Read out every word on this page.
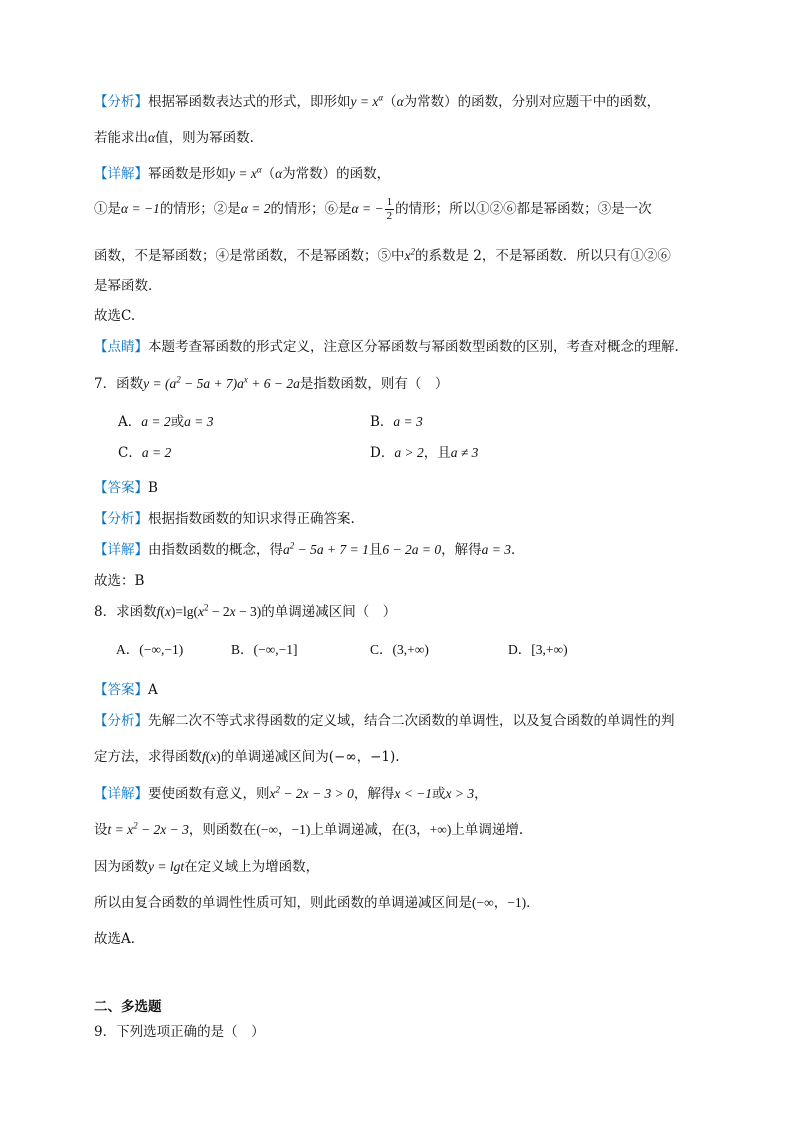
【分析】根据幂函数表达式的形式，即形如$y = x^\alpha(\alpha$为常数）的函数，分别对应题干中的函数，
若能求出α值，则为幂函数.
【详解】幂函数是形如$y = x^\alpha(\alpha$为常数）的函数，
①是α = −1的情形；②是α = 2的情形；⑥是α = − $\frac{1}{2}$ 的情形；所以①②⑥都是幂函数；③是一次
函数，不是幂函数；④是常函数，不是幂函数；⑤中$x^2$的系数是 2，不是幂函数．所以只有①②⑥
是幂函数．
故选C.
【点睛】本题考查幂函数的形式定义，注意区分幂函数与幂函数型函数的区别，考查对概念的理解.
7．函数$y = (a^2 - 5a + 7)a^x + 6 - 2a$是指数函数，则有（　）
A．a = 2或a = 3	B．a = 3
C．a = 2	D．a > 2，且a ≠ 3
【答案】B
【分析】根据指数函数的知识求得正确答案.
【详解】由指数函数的概念，得$a^2 - 5a + 7 = 1$且6 − 2a = 0，解得a = 3．
故选：B
8．求函数$f(x)=\lg(x^2 - 2x - 3)$的单调递减区间（　）
A．(−∞,−1)	B．(−∞,−1]	C．(3,+∞)	D．[3,+∞)
【答案】A
【分析】先解二次不等式求得函数的定义域，结合二次函数的单调性，以及复合函数的单调性的判
定方法，求得函数f(x)的单调递减区间为(−∞，−1).
【详解】要使函数有意义，则$x^2 - 2x - 3 > 0$，解得x < −1或x > 3，
设$t = x^2 - 2x - 3$，则函数在(−∞，−1)上单调递减，在(3，+∞)上单调递增.
因为函数y = lgt在定义域上为增函数，
所以由复合函数的单调性性质可知，则此函数的单调递减区间是(−∞，−1)．
故选A．
二、多选题
9．下列选项正确的是（　）
